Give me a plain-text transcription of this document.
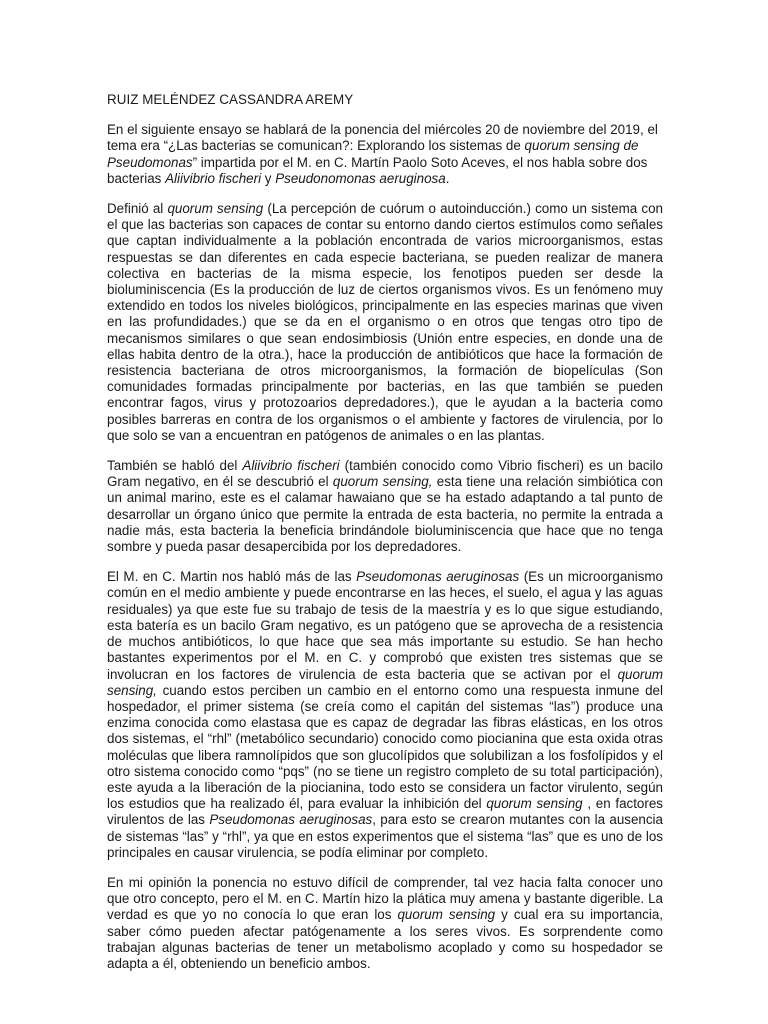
RUIZ MELÉNDEZ CASSANDRA AREMY

En el siguiente ensayo se hablará de la ponencia del miércoles 20 de noviembre del 2019, el tema era “¿Las bacterias se comunican?: Explorando los sistemas de quorum sensing de Pseudomonas” impartida por el M. en C. Martín Paolo Soto Aceves, el nos habla sobre dos bacterias Aliivibrio fischeri y Pseudonomonas aeruginosa.

Definió al quorum sensing (La percepción de cuórum o autoinducción.) como un sistema con el que las bacterias son capaces de contar su entorno dando ciertos estímulos como señales que captan individualmente a la población encontrada de varios microorganismos, estas respuestas se dan diferentes en cada especie bacteriana, se pueden realizar de manera colectiva en bacterias de la misma especie, los fenotipos pueden ser desde la bioluminiscencia (Es la producción de luz de ciertos organismos vivos. Es un fenómeno muy extendido en todos los niveles biológicos, principalmente en las especies marinas que viven en las profundidades.) que se da en el organismo o en otros que tengas otro tipo de mecanismos similares o que sean endosimbiosis (Unión entre especies, en donde una de ellas habita dentro de la otra.), hace la producción de antibióticos que hace la formación de resistencia bacteriana de otros microorganismos, la formación de biopelículas (Son comunidades formadas principalmente por bacterias, en las que también se pueden encontrar fagos, virus y protozoarios depredadores.), que le ayudan a la bacteria como posibles barreras en contra de los organismos o el ambiente y factores de virulencia, por lo que solo se van a encuentran en patógenos de animales o en las plantas.

También se habló del Aliivibrio fischeri (también conocido como Vibrio fischeri) es un bacilo Gram negativo, en él se descubrió el quorum sensing, esta tiene una relación simbiótica con un animal marino, este es el calamar hawaiano que se ha estado adaptando a tal punto de desarrollar un órgano único que permite la entrada de esta bacteria, no permite la entrada a nadie más, esta bacteria la beneficia brindándole bioluminiscencia que hace que no tenga sombre y pueda pasar desapercibida por los depredadores.

El M. en C. Martin nos habló más de las Pseudomonas aeruginosas (Es un microorganismo común en el medio ambiente y puede encontrarse en las heces, el suelo, el agua y las aguas residuales) ya que este fue su trabajo de tesis de la maestría y es lo que sigue estudiando, esta batería es un bacilo Gram negativo, es un patógeno que se aprovecha de a resistencia de muchos antibióticos, lo que hace que sea más importante su estudio. Se han hecho bastantes experimentos por el M. en C. y comprobó que existen tres sistemas que se involucran en los factores de virulencia de esta bacteria que se activan por el quorum sensing, cuando estos perciben un cambio en el entorno como una respuesta inmune del hospedador, el primer sistema (se creía como el capitán del sistemas “las”) produce una enzima conocida como elastasa que es capaz de degradar las fibras elásticas, en los otros dos sistemas, el “rhl” (metabólico secundario) conocido como piocianina que esta oxida otras moléculas que libera ramnolípidos que son glucolípidos que solubilizan a los fosfolípidos y el otro sistema conocido como “pqs” (no se tiene un registro completo de su total participación), este ayuda a la liberación de la piocianina, todo esto se considera un factor virulento, según los estudios que ha realizado él, para evaluar la inhibición del quorum sensing , en factores virulentos de las Pseudomonas aeruginosas, para esto se crearon mutantes con la ausencia de sistemas “las” y “rhl”, ya que en estos experimentos que el sistema “las” que es uno de los principales en causar virulencia, se podía eliminar por completo.

En mi opinión la ponencia no estuvo difícil de comprender, tal vez hacia falta conocer uno que otro concepto, pero el M. en C. Martín hizo la plática muy amena y bastante digerible. La verdad es que yo no conocía lo que eran los quorum sensing y cual era su importancia, saber cómo pueden afectar patógenamente a los seres vivos. Es sorprendente como trabajan algunas bacterias de tener un metabolismo acoplado y como su hospedador se adapta a él, obteniendo un beneficio ambos.
